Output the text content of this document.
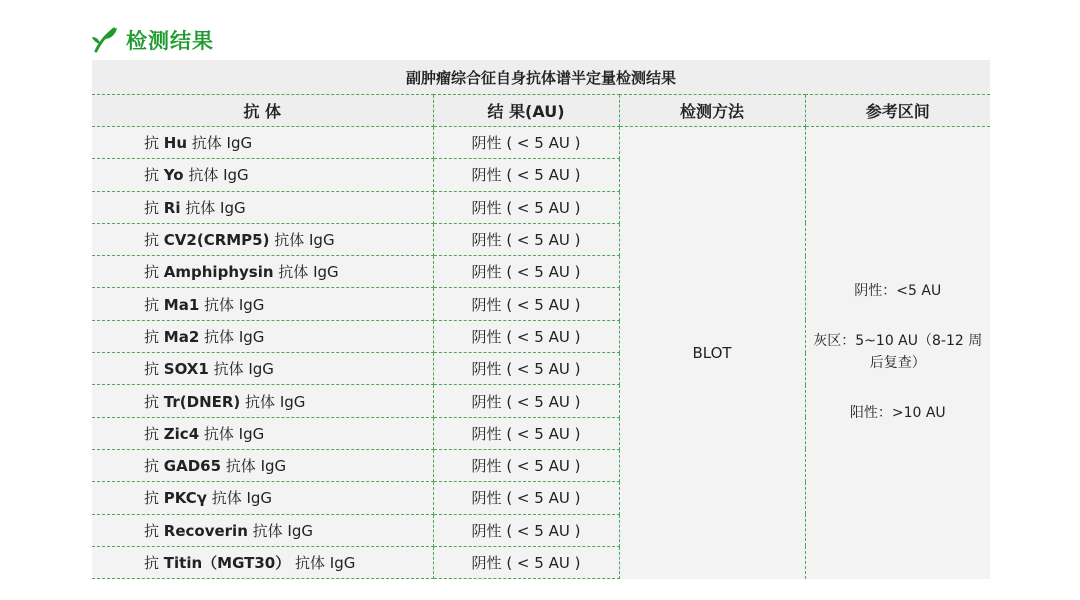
检测结果
副肿瘤综合征自身抗体谱半定量检测结果			
抗 体	结 果(AU)	检测方法	参考区间
抗 Hu 抗体 IgG	阴性 ( < 5 AU )	BLOT	阴性：<5 AU
灰区：5~10 AU（8-12 周
后复查）
阳性：>10 AU

抗 Yo 抗体 IgG	阴性 ( < 5 AU )		
抗 Ri 抗体 IgG	阴性 ( < 5 AU )		
抗 CV2(CRMP5) 抗体 IgG	阴性 ( < 5 AU )		
抗 Amphiphysin 抗体 IgG	阴性 ( < 5 AU )		
抗 Ma1 抗体 IgG	阴性 ( < 5 AU )		
抗 Ma2 抗体 IgG	阴性 ( < 5 AU )		
抗 SOX1 抗体 IgG	阴性 ( < 5 AU )		
抗 Tr(DNER) 抗体 IgG	阴性 ( < 5 AU )		
抗 Zic4 抗体 IgG	阴性 ( < 5 AU )		
抗 GAD65 抗体 IgG	阴性 ( < 5 AU )		
抗 PKCγ 抗体 IgG	阴性 ( < 5 AU )		
抗 Recoverin 抗体 IgG	阴性 ( < 5 AU )		
抗 Titin（MGT30） 抗体 IgG	阴性 ( < 5 AU )		
